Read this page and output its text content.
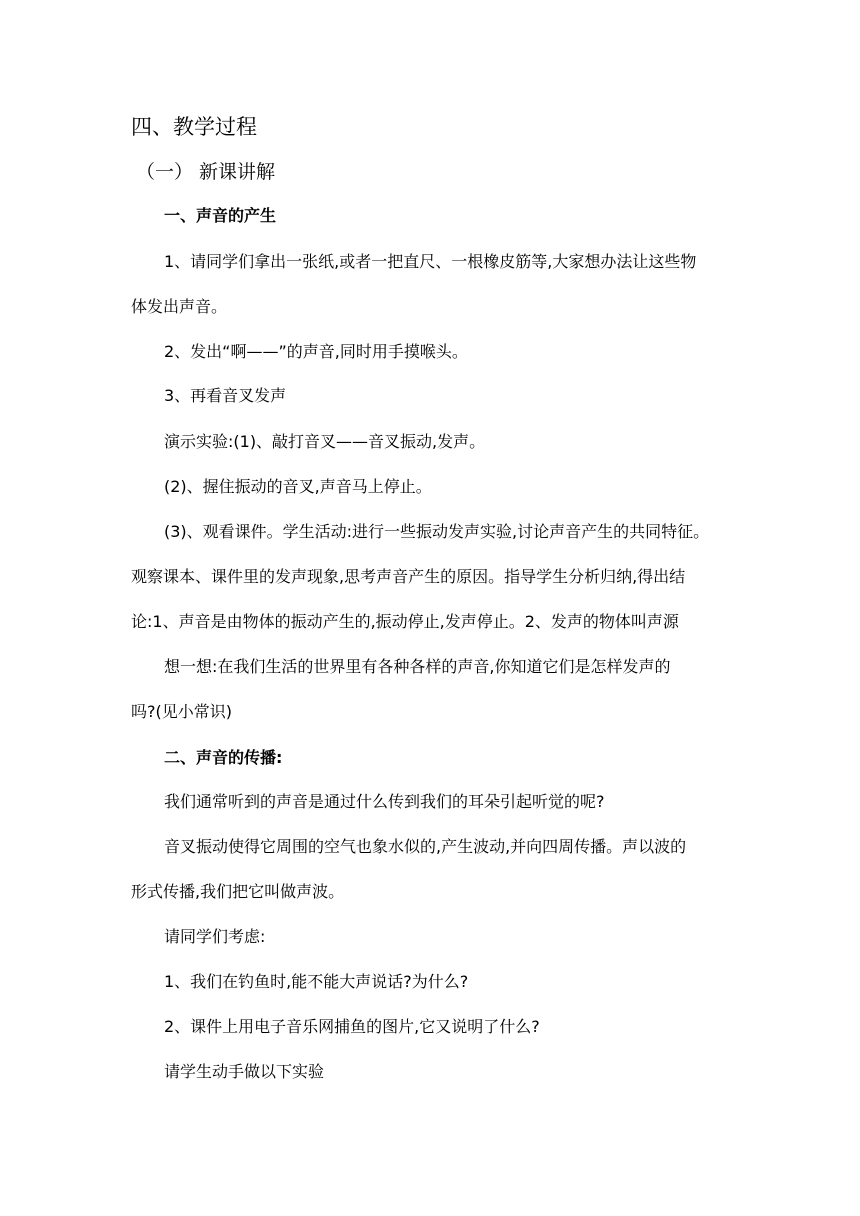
四、教学过程
（一） 新课讲解
一、声音的产生
1、请同学们拿出一张纸,或者一把直尺、一根橡皮筋等,大家想办法让这些物
体发出声音。
2、发出“啊——”的声音,同时用手摸喉头。
3、再看音叉发声
演示实验:(1)、敲打音叉——音叉振动,发声。
(2)、握住振动的音叉,声音马上停止。
(3)、观看课件。学生活动:进行一些振动发声实验,讨论声音产生的共同特征。
观察课本、课件里的发声现象,思考声音产生的原因。指导学生分析归纳,得出结
论:1、声音是由物体的振动产生的,振动停止,发声停止。2、发声的物体叫声源
想一想:在我们生活的世界里有各种各样的声音,你知道它们是怎样发声的
吗?(见小常识)
二、声音的传播:
我们通常听到的声音是通过什么传到我们的耳朵引起听觉的呢?
音叉振动使得它周围的空气也象水似的,产生波动,并向四周传播。声以波的
形式传播,我们把它叫做声波。
请同学们考虑:
1、我们在钓鱼时,能不能大声说话?为什么?
2、课件上用电子音乐网捕鱼的图片,它又说明了什么?
请学生动手做以下实验
